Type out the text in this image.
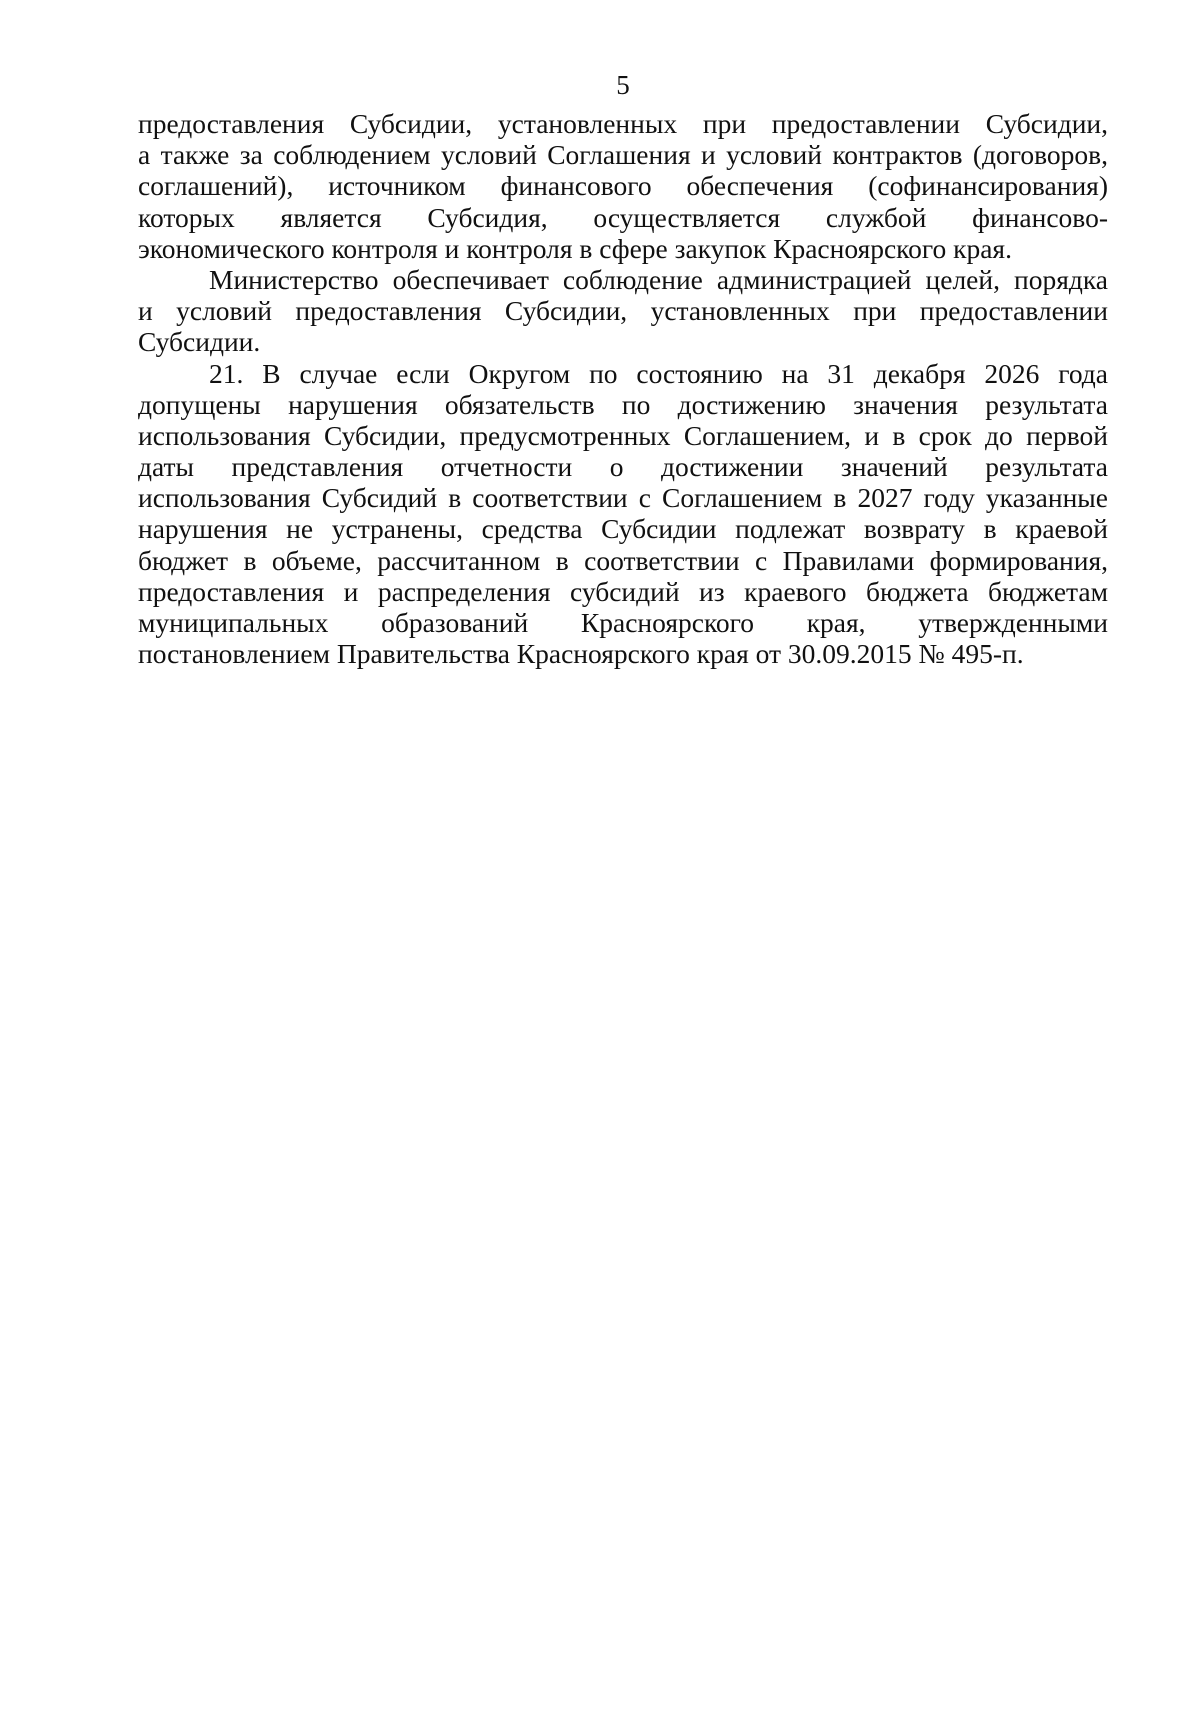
5
предоставления Субсидии, установленных при предоставлении Субсидии,
а также за соблюдением условий Соглашения и условий контрактов (договоров,
соглашений), источником финансового обеспечения (софинансирования)
которых является Субсидия, осуществляется службой финансово-
экономического контроля и контроля в сфере закупок Красноярского края.
Министерство обеспечивает соблюдение администрацией целей, порядка
и условий предоставления Субсидии, установленных при предоставлении
Субсидии.
21. В случае если Округом по состоянию на 31 декабря 2026 года
допущены нарушения обязательств по достижению значения результата
использования Субсидии, предусмотренных Соглашением, и в срок до первой
даты представления отчетности о достижении значений результата
использования Субсидий в соответствии с Соглашением в 2027 году указанные
нарушения не устранены, средства Субсидии подлежат возврату в краевой
бюджет в объеме, рассчитанном в соответствии с Правилами формирования,
предоставления и распределения субсидий из краевого бюджета бюджетам
муниципальных образований Красноярского края, утвержденными
постановлением Правительства Красноярского края от 30.09.2015 № 495-п.
